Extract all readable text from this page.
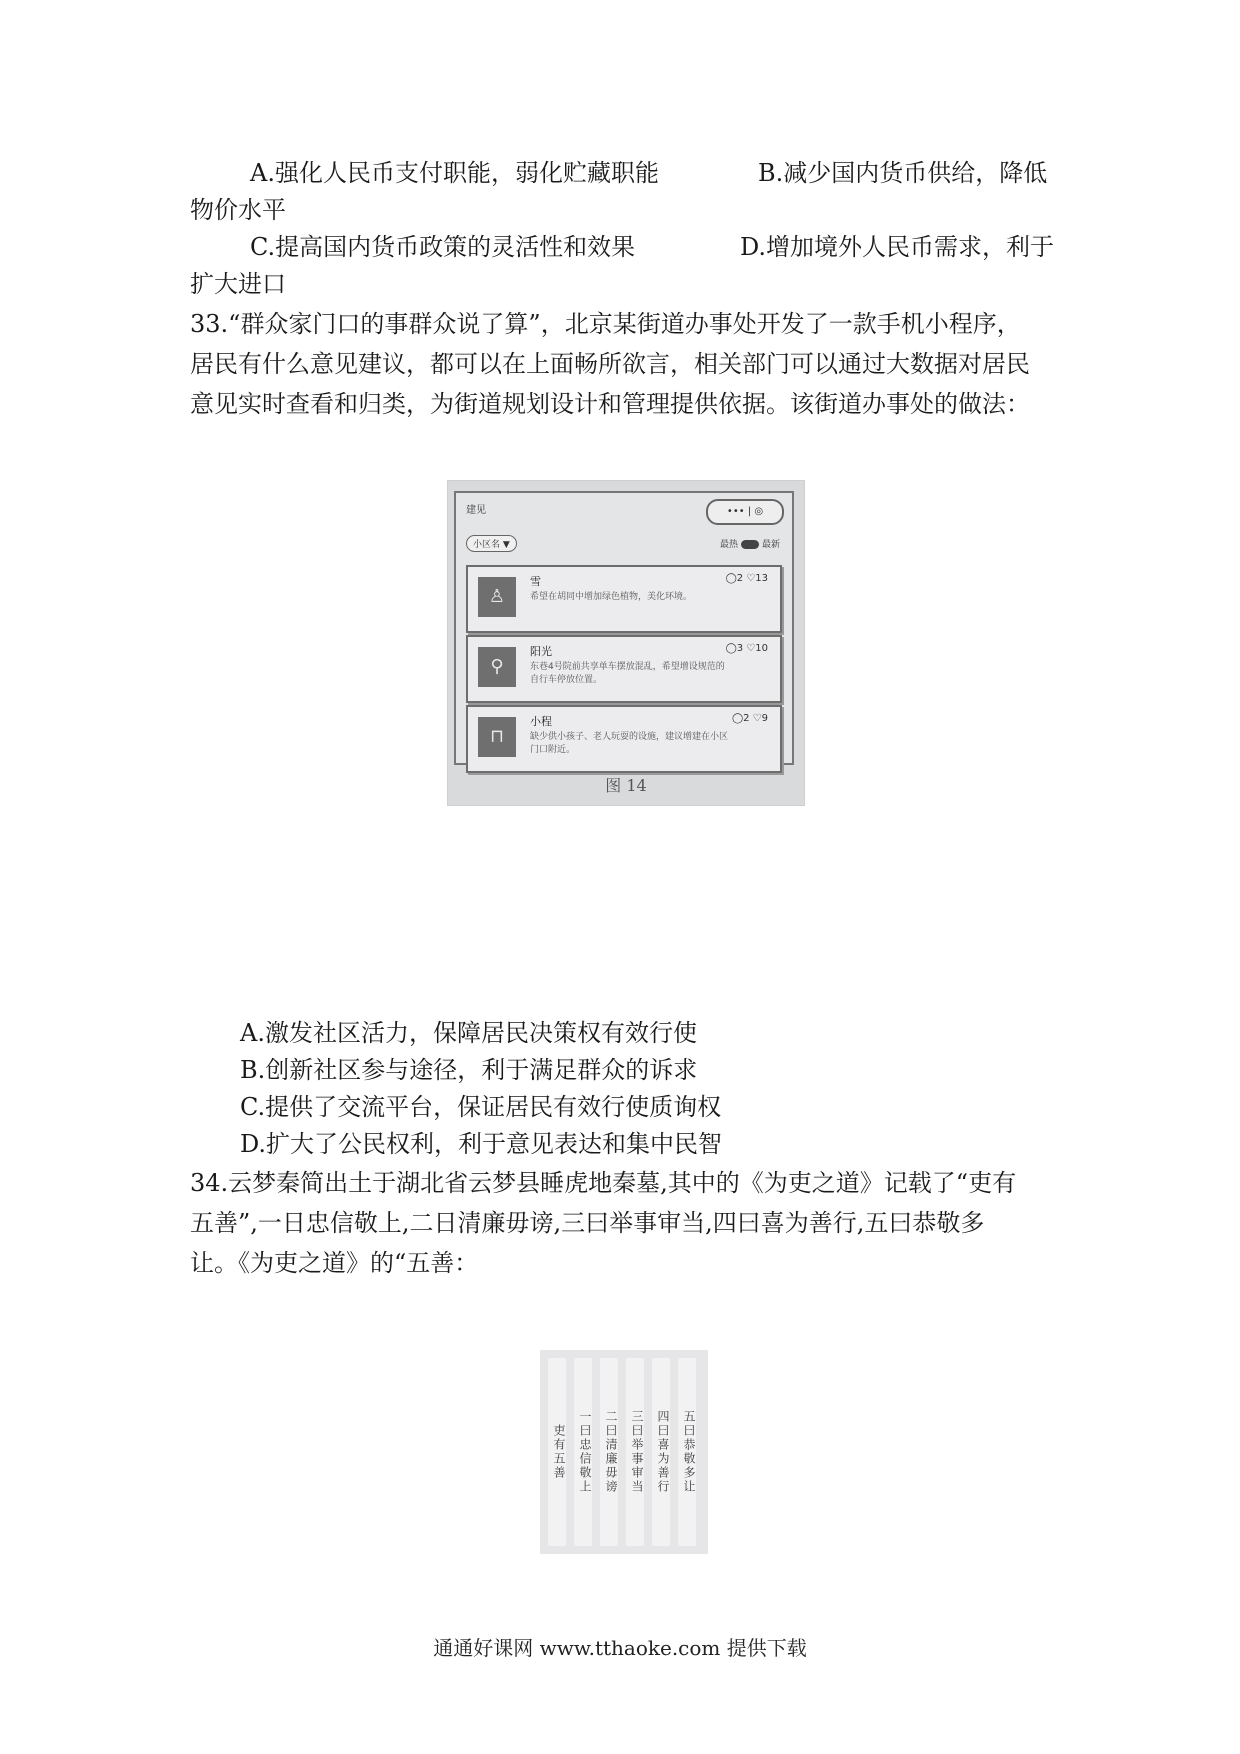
A.强化人民币支付职能，弱化贮藏职能	B.减少国内货币供给，降低
物价水平
C.提高国内货币政策的灵活性和效果	D.增加境外人民币需求，利于
扩大进口
33.“群众家门口的事群众说了算”，北京某街道办事处开发了一款手机小程序，
居民有什么意见建议，都可以在上面畅所欲言，相关部门可以通过大数据对居民
意见实时查看和归类，为街道规划设计和管理提供依据。该街道办事处的做法：
建见	••• | ◎
小区名 ▼	最热	最新
♙
雪	◯2 ♡13
希望在胡同中增加绿色植物，美化环境。
⚲
阳光	◯3 ♡10
东巷4号院前共享单车摆放混乱，希望增设规范的自行车停放位置。
⊓
小程	◯2 ♡9
缺少供小孩子、老人玩耍的设施，建议增建在小区门口附近。
图 14
A.激发社区活力，保障居民决策权有效行使
B.创新社区参与途径，利于满足群众的诉求
C.提供了交流平台，保证居民有效行使质询权
D.扩大了公民权利，利于意见表达和集中民智
34.云梦秦简出土于湖北省云梦县睡虎地秦墓,其中的《为吏之道》记载了“吏有
五善”,一日忠信敬上,二日清廉毋谤,三曰举事审当,四曰喜为善行,五曰恭敬多
让。《为吏之道》的“五善：
吏有五善	一曰忠信敬上	二曰清廉毋谤	三曰举事审当	四曰喜为善行	五曰恭敬多让
通通好课网 www.tthaoke.com 提供下载
